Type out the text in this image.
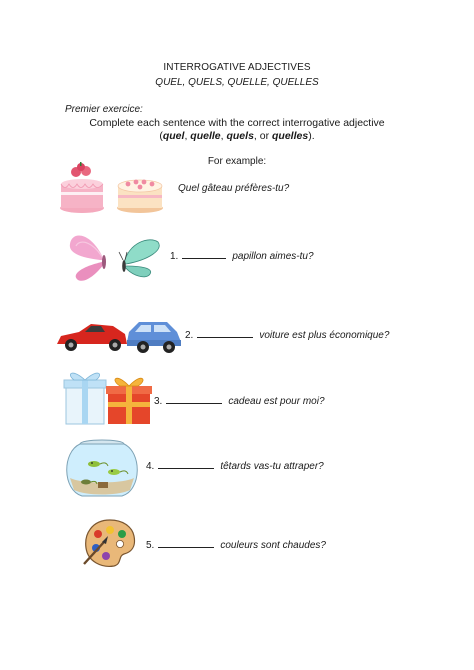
INTERROGATIVE ADJECTIVES
QUEL, QUELS, QUELLE, QUELLES
Premier exercice:
Complete each sentence with the correct interrogative adjective
(quel, quelle, quels, or quelles).
For example:
Quel gâteau préfères-tu?
1.	papillon aimes-tu?
2.	voiture est plus économique?
3.	cadeau est pour moi?
4.	têtards vas-tu attraper?
5.	couleurs sont chaudes?
